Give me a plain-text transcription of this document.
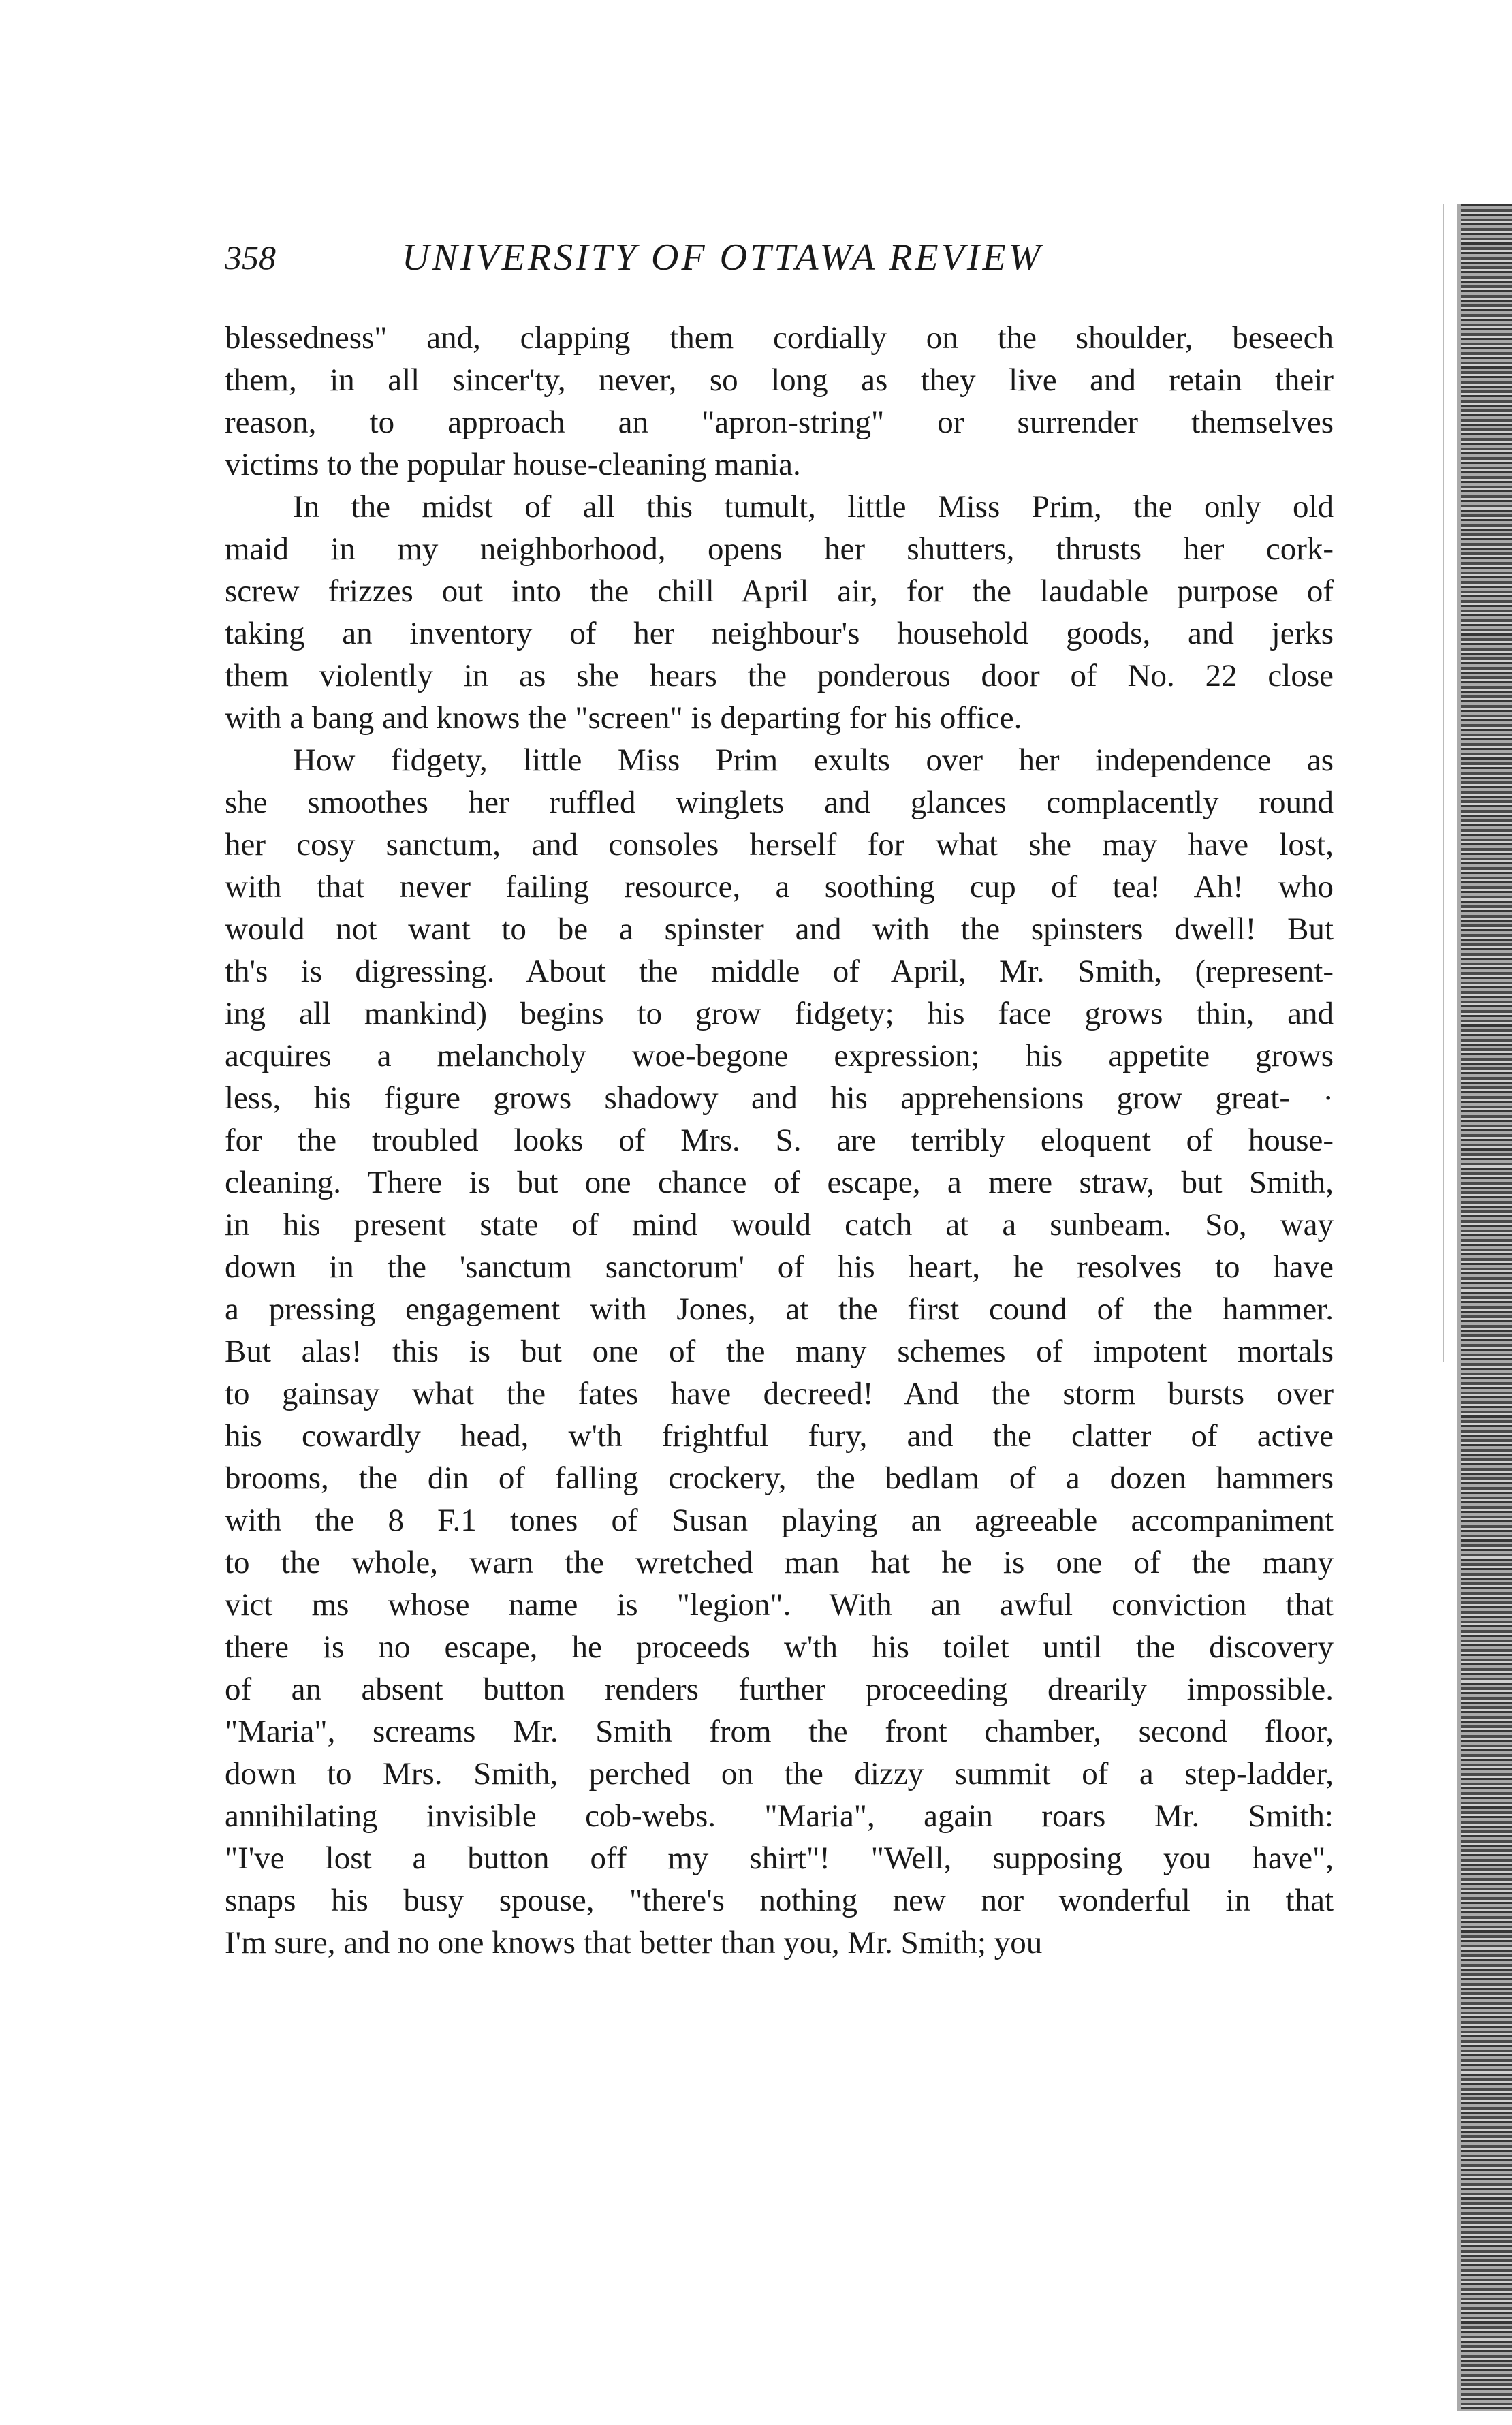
358	UNIVERSITY OF OTTAWA REVIEW
blessedness" and, clapping them cordially on the shoulder, beseech
them, in all sincer'ty, never, so long as they live and retain their
reason, to approach an "apron-string" or surrender themselves
victims to the popular house-cleaning mania.
In the midst of all this tumult, little Miss Prim, the only old
maid in my neighborhood, opens her shutters, thrusts her cork-
screw frizzes out into the chill April air, for the laudable purpose of
taking an inventory of her neighbour's household goods, and jerks
them violently in as she hears the ponderous door of No. 22 close
with a bang and knows the "screen" is departing for his office.
How fidgety, little Miss Prim exults over her independence as
she smoothes her ruffled winglets and glances complacently round
her cosy sanctum, and consoles herself for what she may have lost,
with that never failing resource, a soothing cup of tea! Ah! who
would not want to be a spinster and with the spinsters dwell! But
th's is digressing. About the middle of April, Mr. Smith, (represent-
ing all mankind) begins to grow fidgety; his face grows thin, and
acquires a melancholy woe-begone expression; his appetite grows
less, his figure grows shadowy and his apprehensions grow great- ·
for the troubled looks of Mrs. S. are terribly eloquent of house-
cleaning. There is but one chance of escape, a mere straw, but Smith,
in his present state of mind would catch at a sunbeam. So, way
down in the 'sanctum sanctorum' of his heart, he resolves to have
a pressing engagement with Jones, at the first cound of the hammer.
But alas! this is but one of the many schemes of impotent mortals
to gainsay what the fates have decreed! And the storm bursts over
his cowardly head, w'th frightful fury, and the clatter of active
brooms, the din of falling crockery, the bedlam of a dozen hammers
with the 8 F.1 tones of Susan playing an agreeable accompaniment
to the whole, warn the wretched man hat he is one of the many
vict ms whose name is "legion". With an awful conviction that
there is no escape, he proceeds w'th his toilet until the discovery
of an absent button renders further proceeding drearily impossible.
"Maria", screams Mr. Smith from the front chamber, second floor,
down to Mrs. Smith, perched on the dizzy summit of a step-ladder,
annihilating invisible cob-webs. "Maria", again roars Mr. Smith:
"I've lost a button off my shirt"! "Well, supposing you have",
snaps his busy spouse, "there's nothing new nor wonderful in that
I'm sure, and no one knows that better than you, Mr. Smith; you
